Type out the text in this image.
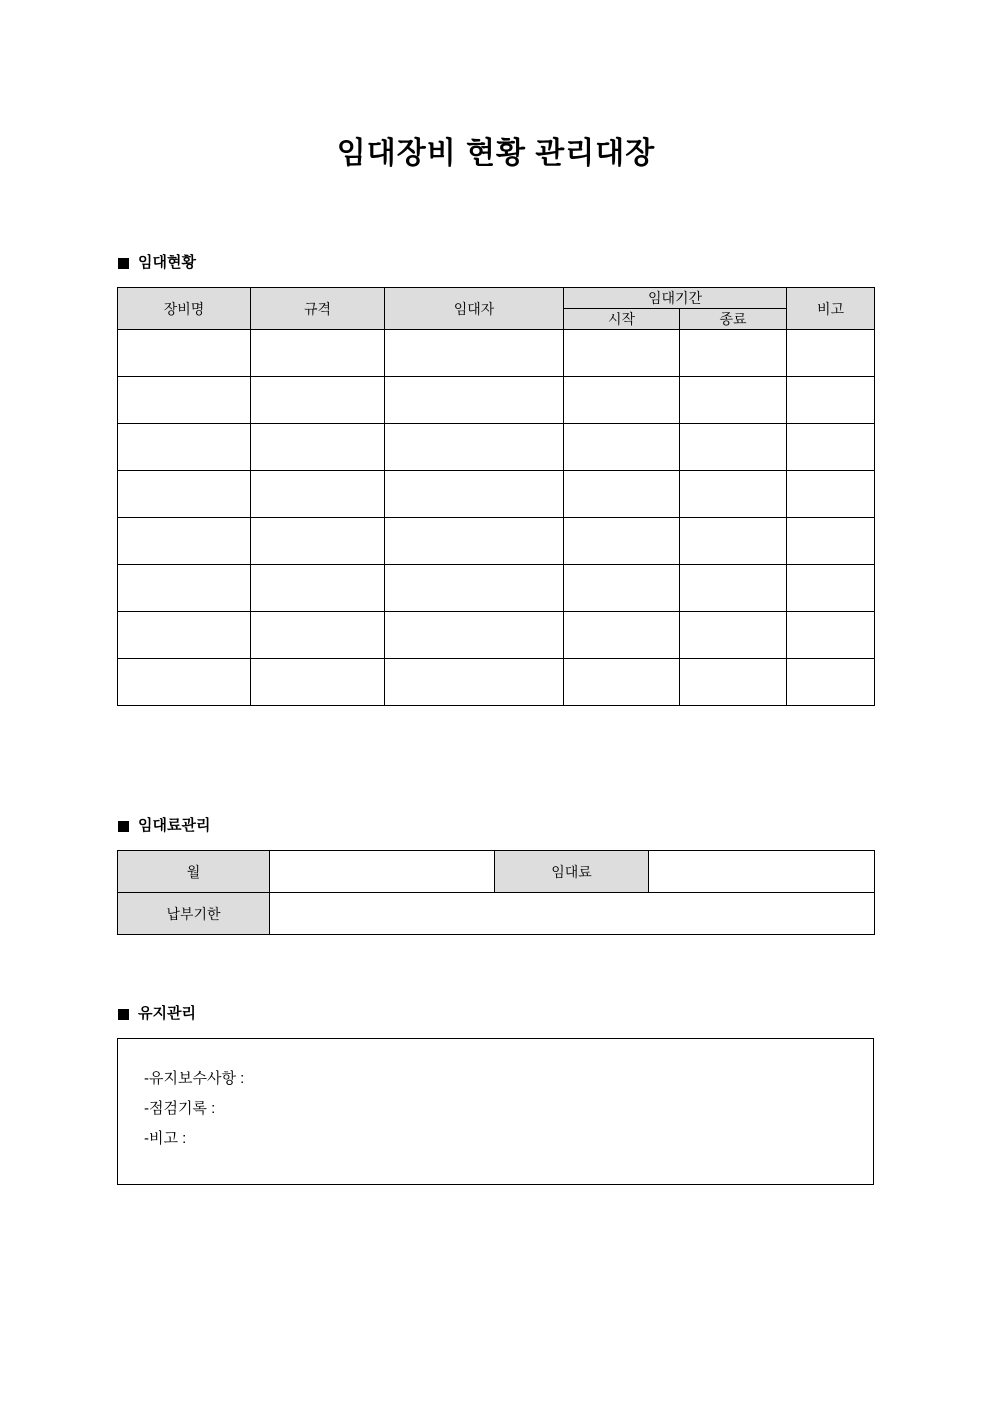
임대장비 현황 관리대장
임대현황
장비명	규격	임대자	임대기간		비고
			시작	종료	

임대료관리
월		임대료	
납부기한			
유지관리
-유지보수사항 :
-점검기록 :
-비고 :
